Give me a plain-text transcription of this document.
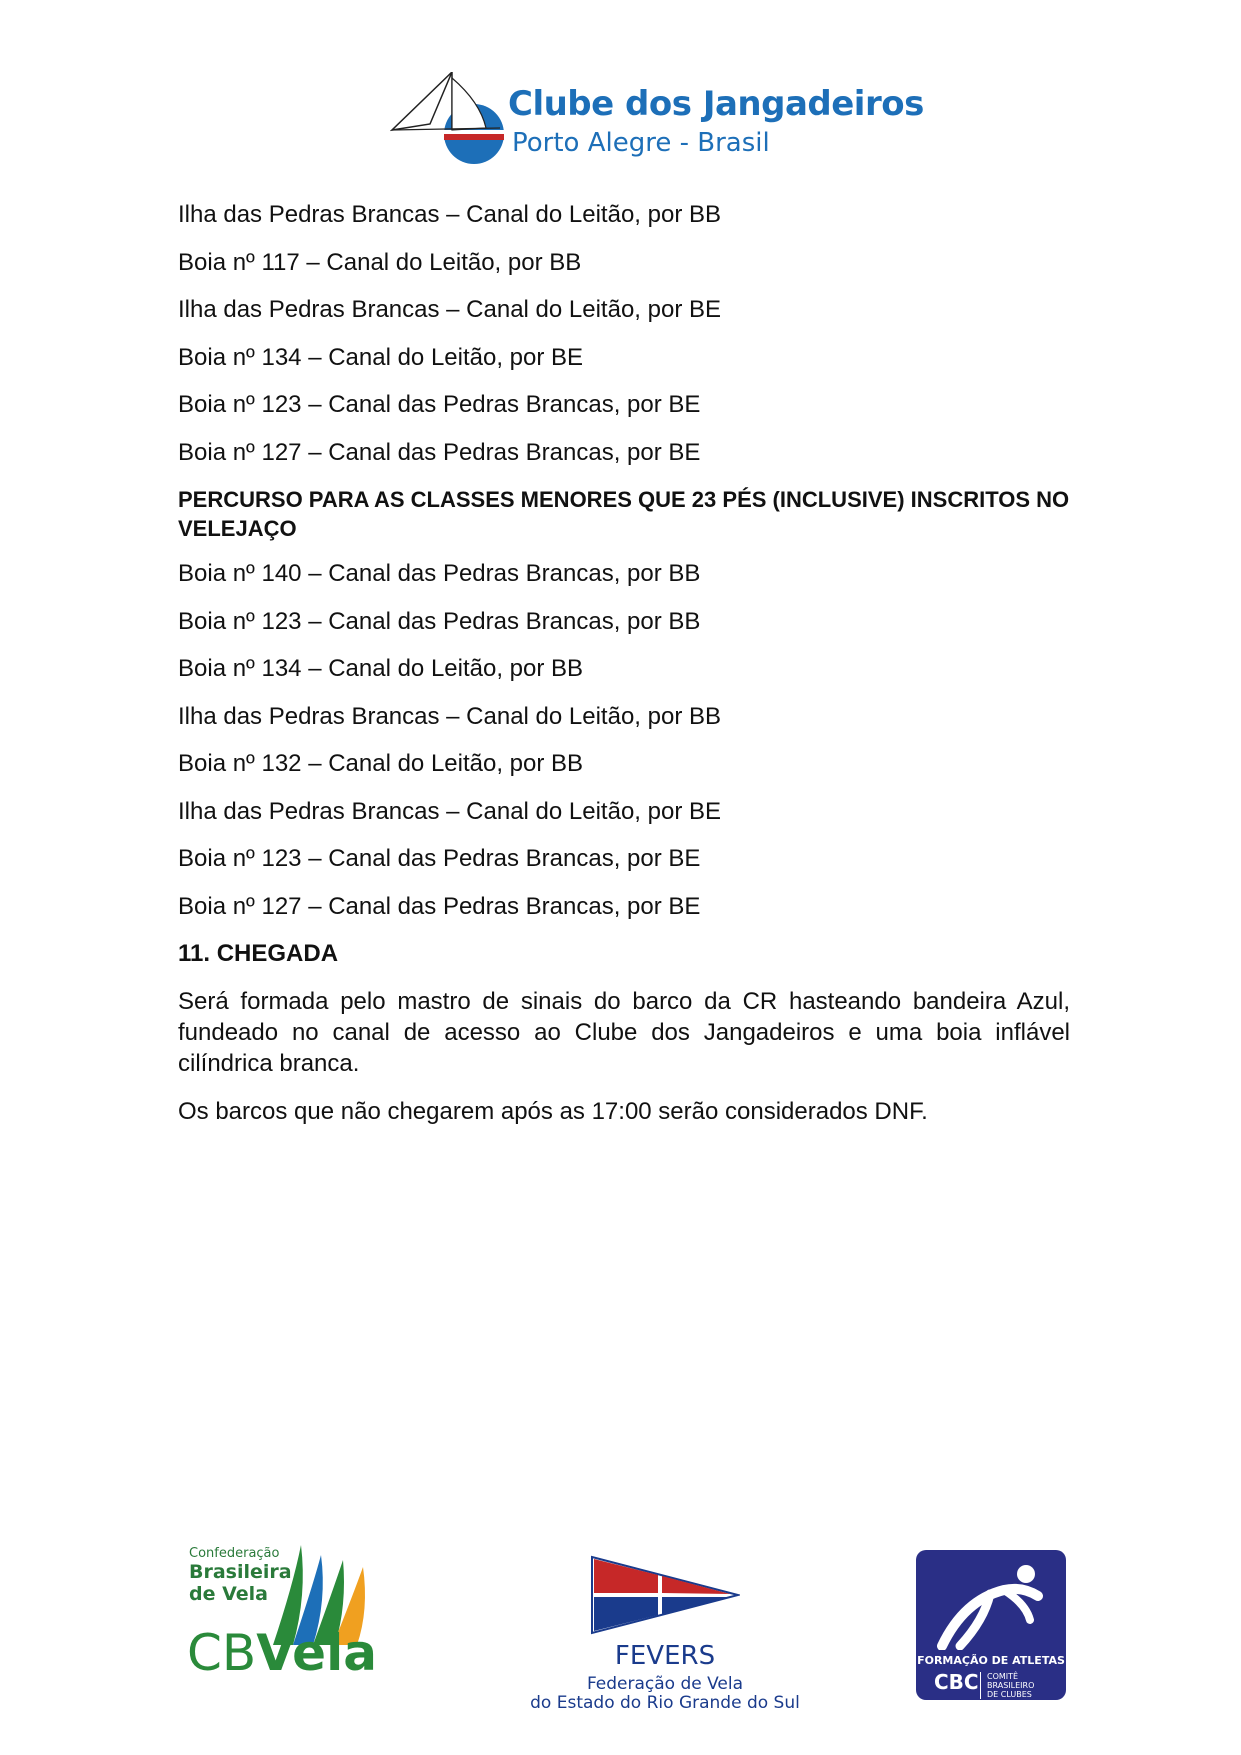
Clube dos Jangadeiros
Porto Alegre - Brasil
Ilha das Pedras Brancas – Canal do Leitão, por BB
Boia nº 117 – Canal do Leitão, por BB
Ilha das Pedras Brancas – Canal do Leitão, por BE
Boia nº 134 – Canal do Leitão, por BE
Boia nº 123 – Canal das Pedras Brancas, por BE
Boia nº 127 – Canal das Pedras Brancas, por BE
PERCURSO PARA AS CLASSES MENORES QUE 23 PÉS (INCLUSIVE) INSCRITOS NO VELEJAÇO
Boia nº 140 – Canal das Pedras Brancas, por BB
Boia nº 123 – Canal das Pedras Brancas, por BB
Boia nº 134 – Canal do Leitão, por BB
Ilha das Pedras Brancas – Canal do Leitão, por BB
Boia nº 132 – Canal do Leitão, por BB
Ilha das Pedras Brancas – Canal do Leitão, por BE
Boia nº 123 – Canal das Pedras Brancas, por BE
Boia nº 127 – Canal das Pedras Brancas, por BE
11. CHEGADA
Será formada pelo mastro de sinais do barco da CR hasteando bandeira Azul, fundeado no canal de acesso ao Clube dos Jangadeiros e uma boia inflável cilíndrica branca.
Os barcos que não chegarem após as 17:00 serão considerados DNF.
Confederação
Brasileira
de Vela
CBVela	FEVERS
Federação de Vela
do Estado do Rio Grande do Sul
FORMAÇÃO DE ATLETAS
CBC	COMITÊ BRASILEIRO
DE CLUBES
